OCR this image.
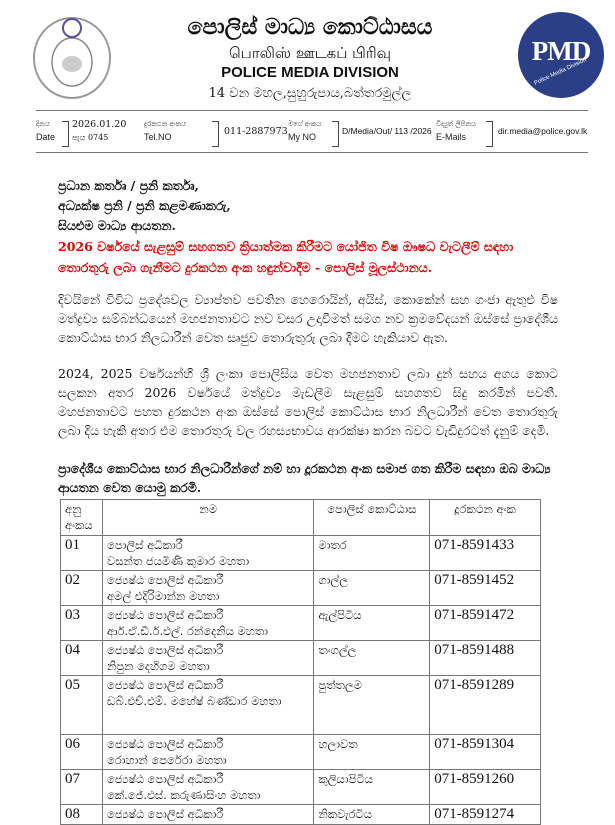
PMD
Police Media Division
පොලිස් මාධ්‍ය කොට්ඨාසය
பொலிஸ் ஊடகப் பிரிவு
POLICE MEDIA DIVISION
14 වන මහල,සුහුරුපාය,බත්තරමුල්ල
දිනය
Date
2026.01.20
පැය 0745
දුරකථන අංකය
Tel.NO	011-2887973
මගේ අංකය
My NO
D/Media/Out/ 113 /2026
විද්‍යුත් ලිපිනය
E-Mails
dir.media@police.gov.lk
ප්‍රධාන කර්තෘ / ප්‍රනි කර්තෘ,
අධ්‍යක්ෂ ප්‍රනි / ප්‍රනි කළමණාකරු,
සියළුම මාධ්‍ය ආයතන.
2026 වර්ෂයේ සැළසුම් සහගතව ක්‍රියාත්මක කිරීමට යෝජිත විෂ ඖෂධ වැටලීම් සඳහා තොරතුරු ලබා ගැනීමට දුරකථන අංක හඳුන්වාදීම - පොලිස් මූලස්ථානය.
දිවයිනේ විවිධ ප්‍රදේශවල ව්‍යාප්තව පවතින හෙරොයින්, අයිස්, කොකේන් සහ ගංජා ඇතුළු විෂ මත්ද්‍රව්‍ය සම්බන්ධයෙන් මහජනතාවට නව වසර උදාවීමත් සමග නව ක්‍රමවේදයන් ඔස්සේ ප්‍රාදේශීය කොට්ඨාස භාර නිලධාරීන් වෙත සෘජුව තොරුතුරු ලබා දීමට හැකියාව ඇත.
2024, 2025 වර්ෂයන්හි ශ්‍රී ලංකා පොලිසිය වෙත මහජනතාව ලබා දුන් සහය අගය කොට සලකන අතර 2026 වර්ෂයේ මත්ද්‍රව්‍ය මැඩලීම සැළසුම් සහගතව සිදු කරමින් පවතී. මහජනතාවට පහත දුරකථන අංක ඔස්සේ පොලිස් කොට්ඨාස භාර නිලධාරීන් වෙත තොරතුරු ලබා දිය හැකි අතර එම තොරතුරු වල රහස්‍යභාවය ආරක්ෂා කරන බවට වැඩිදුරටත් දැනුම් දෙමි.
ප්‍රාදේශීය කොට්ඨාස භාර නිලධාරීන්ගේ නම් හා දූරකථන අංක සමාජ ගත කිරීම සඳහා ඔබ මාධ්‍ය ආයතන වෙත යොමු කරමි.
අනු අංකය	නම	පොලිස් කොට්ඨාස	දූරකථන අංක
01	පොලිස් අධිකාරී
වසන්ත ජයමිණි කුමාර මහතා	මාතර	071-8591433
02	ජ්‍යෙෂ්ඨ පොලිස් අධිකාරී
අමල් එදිරිමාන්න මහතා	ගාල්ල	071-8591452
03	ජ්‍යෙෂ්ඨ පොලිස් අධිකාරී
ආර්.ඒ.ඩී.ර්.එල්. රන්දෙනිය මහතා	ඇල්පිටිය	071-8591472
04	ජ්‍යෙෂ්ඨ පොලිස් අධිකාරී
නිපුන දෙහිගම මහතා	තංගල්ල	071-8591488
05	ජ්‍යෙෂ්ඨ පොලිස් අධිකාරී
ඩබ්.එච්.එම්. මහේෂ් බණ්ඩාර මහතා	පුත්තලම	071-8591289
06	ජ්‍යෙෂ්ඨ පොලිස් අධිකාරී
රොහාන් පෙරේරා මහතා	හලාවත	071-8591304
07	ජ්‍යෙෂ්ඨ පොලිස් අධිකාරී
කේ.ජේ.එස්. කරුණාසිංහ මහතා	කුලියාපිටිය	071-8591260
08	ජ්‍යෙෂ්ඨ පොලිස් අධිකාරී	නිකවැරටිය	071-8591274
